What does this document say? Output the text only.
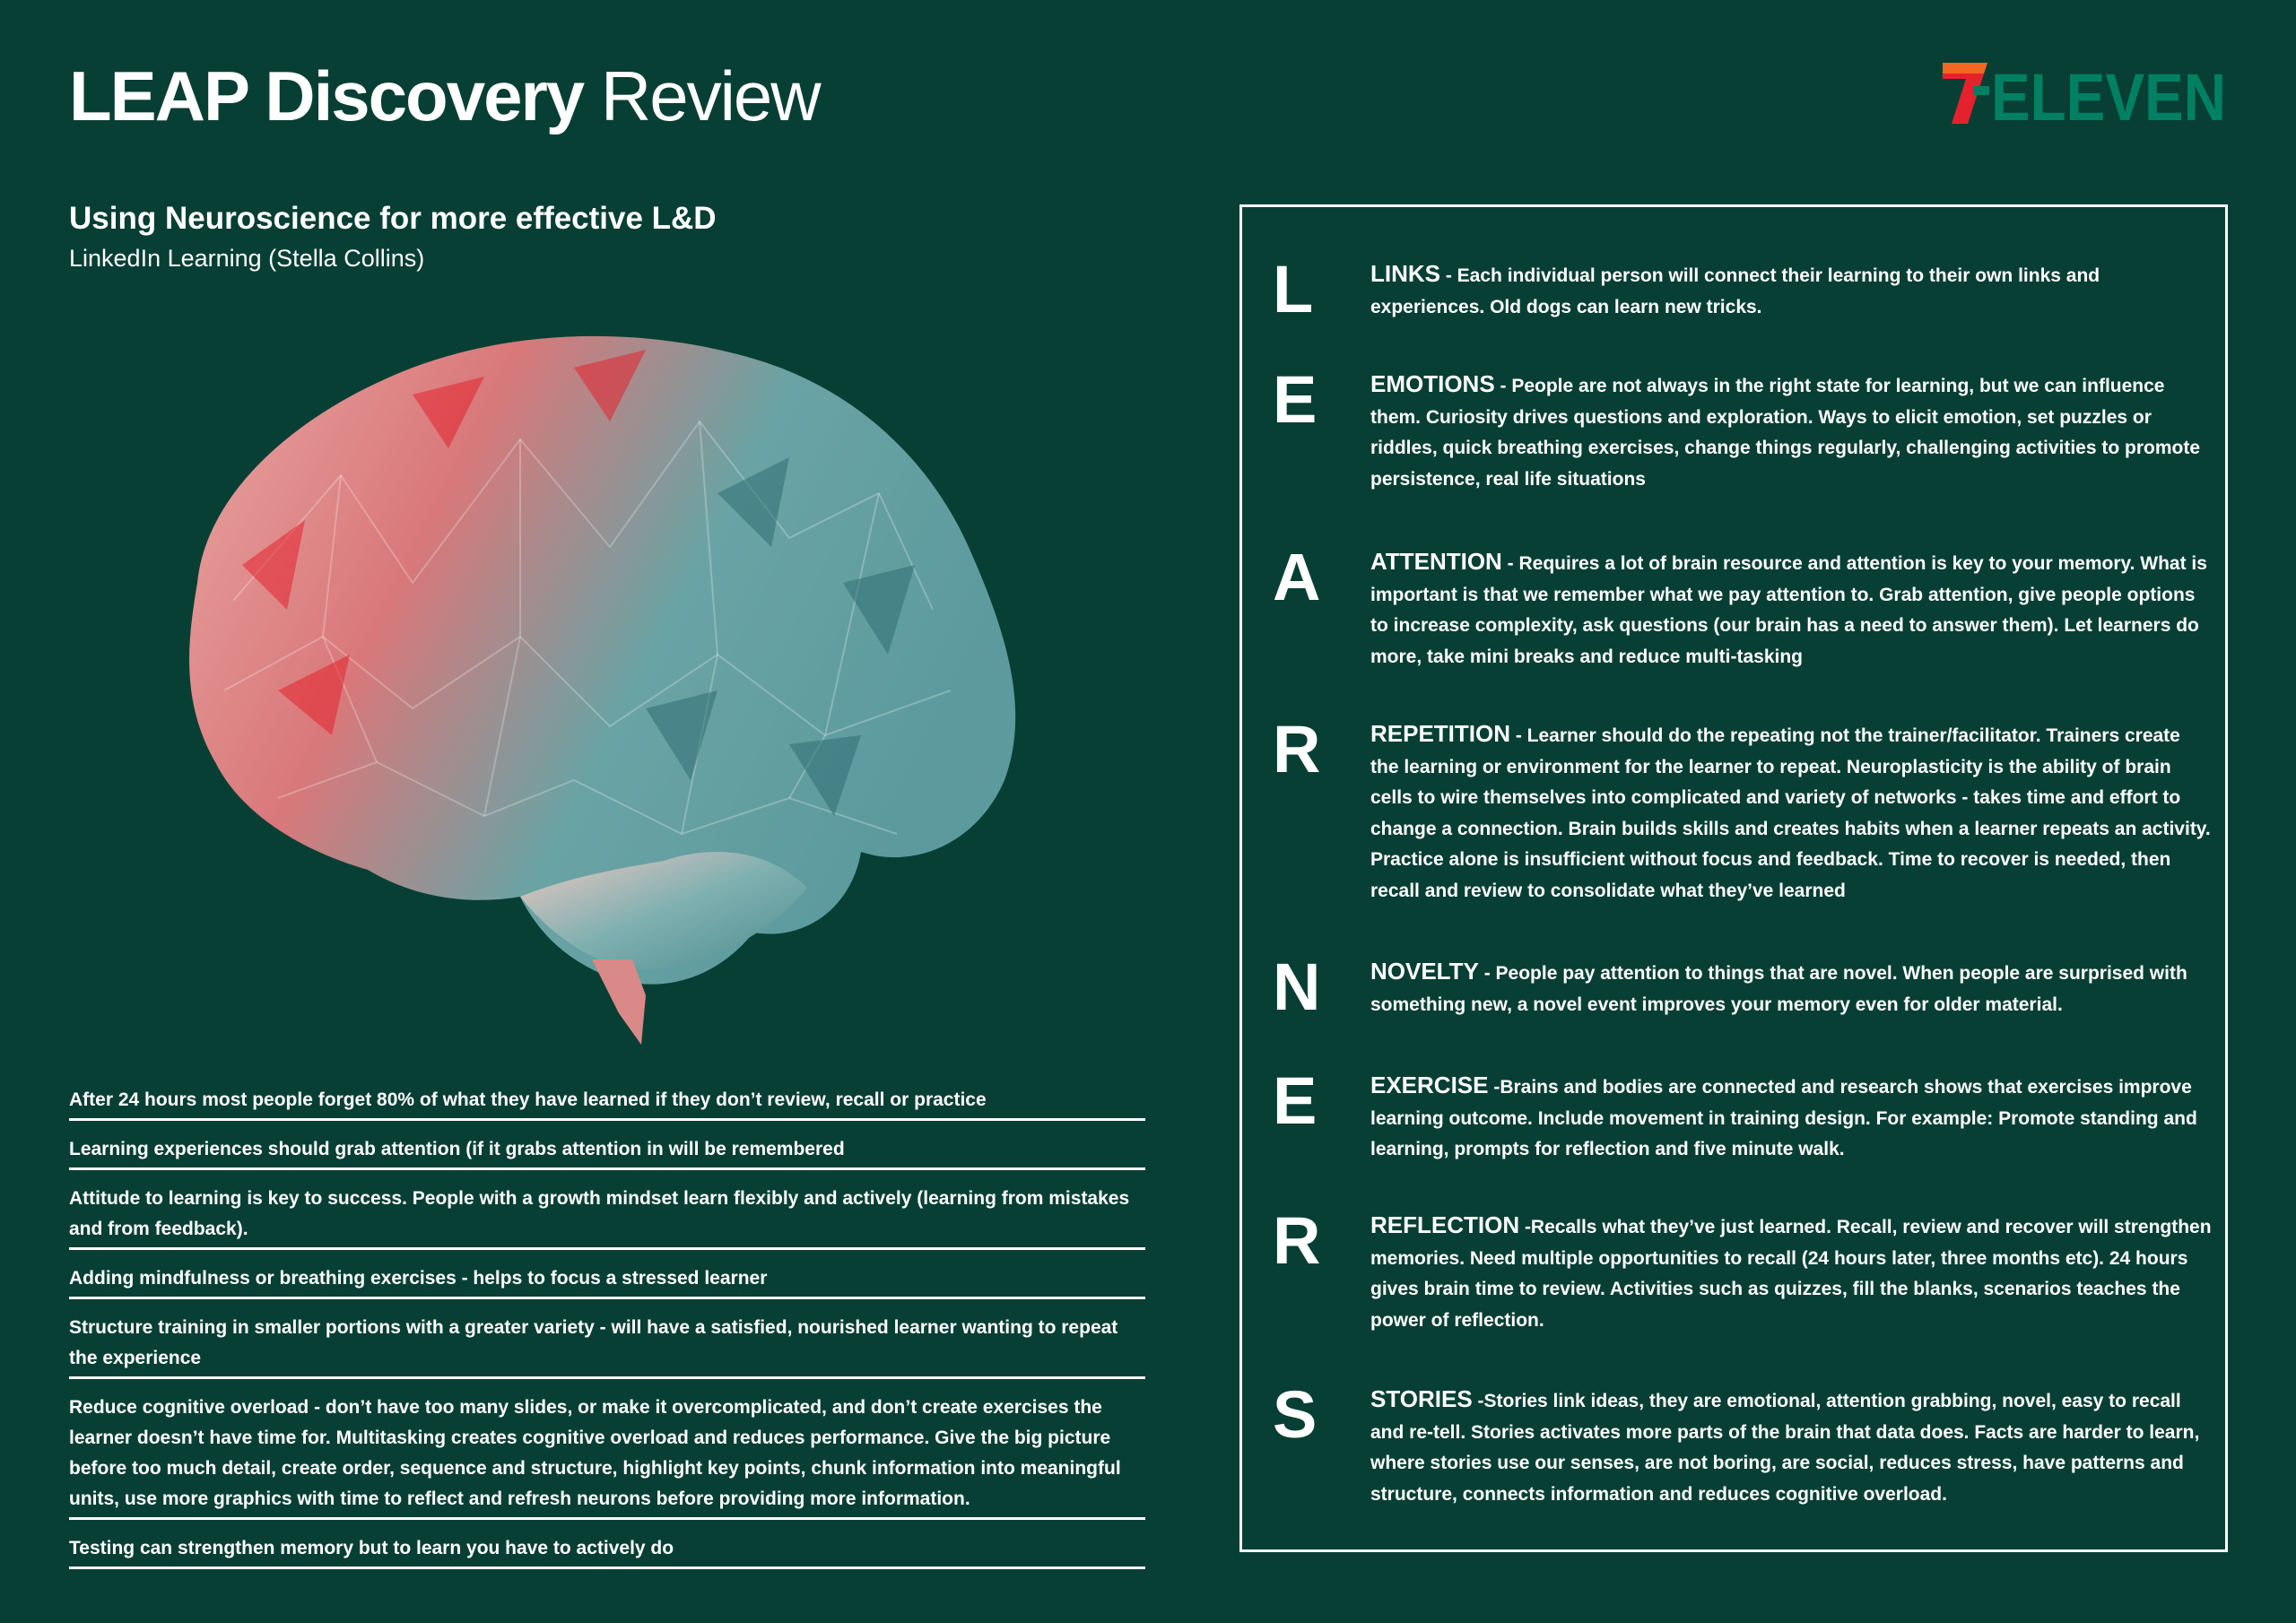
LEAP Discovery Review	ELEVEN
Using Neuroscience for more effective L&D
LinkedIn Learning (Stella Collins)
After 24 hours most people forget 80% of what they have learned if they don’t review, recall or practice
Learning experiences should grab attention (if it grabs attention in will be remembered
Attitude to learning is key to success. People with a growth mindset learn flexibly and actively (learning from mistakes and from feedback).
Adding mindfulness or breathing exercises - helps to focus a stressed learner
Structure training in smaller portions with a greater variety - will have a satisfied, nourished learner wanting to repeat the experience
Reduce cognitive overload - don’t have too many slides, or make it overcomplicated, and don’t create exercises the learner doesn’t have time for. Multitasking creates cognitive overload and reduces performance. Give the big picture before too much detail, create order, sequence and structure, highlight key points, chunk information into meaningful units, use more graphics with time to reflect and refresh neurons before providing more information.
Testing can strengthen memory but to learn you have to actively do
L LINKS - Each individual person will connect their learning to their own links and experiences. Old dogs can learn new tricks.
E EMOTIONS - People are not always in the right state for learning, but we can influence them. Curiosity drives questions and exploration. Ways to elicit emotion, set puzzles or riddles, quick breathing exercises, change things regularly, challenging activities to promote persistence, real life situations
A ATTENTION - Requires a lot of brain resource and attention is key to your memory. What is important is that we remember what we pay attention to. Grab attention, give people options to increase complexity, ask questions (our brain has a need to answer them). Let learners do more, take mini breaks and reduce multi-tasking
R REPETITION - Learner should do the repeating not the trainer/facilitator. Trainers create the learning or environment for the learner to repeat. Neuroplasticity is the ability of brain cells to wire themselves into complicated and variety of networks - takes time and effort to change a connection. Brain builds skills and creates habits when a learner repeats an activity. Practice alone is insufficient without focus and feedback. Time to recover is needed, then recall and review to consolidate what they’ve learned
N NOVELTY - People pay attention to things that are novel. When people are surprised with something new, a novel event improves your memory even for older material.
E EXERCISE -Brains and bodies are connected and research shows that exercises improve learning outcome. Include movement in training design. For example: Promote standing and learning, prompts for reflection and five minute walk.
R REFLECTION -Recalls what they’ve just learned. Recall, review and recover will strengthen memories. Need multiple opportunities to recall (24 hours later, three months etc). 24 hours gives brain time to review. Activities such as quizzes, fill the blanks, scenarios teaches the power of reflection.
S STORIES -Stories link ideas, they are emotional, attention grabbing, novel, easy to recall and re-tell. Stories activates more parts of the brain that data does. Facts are harder to learn, where stories use our senses, are not boring, are social, reduces stress, have patterns and structure, connects information and reduces cognitive overload.
